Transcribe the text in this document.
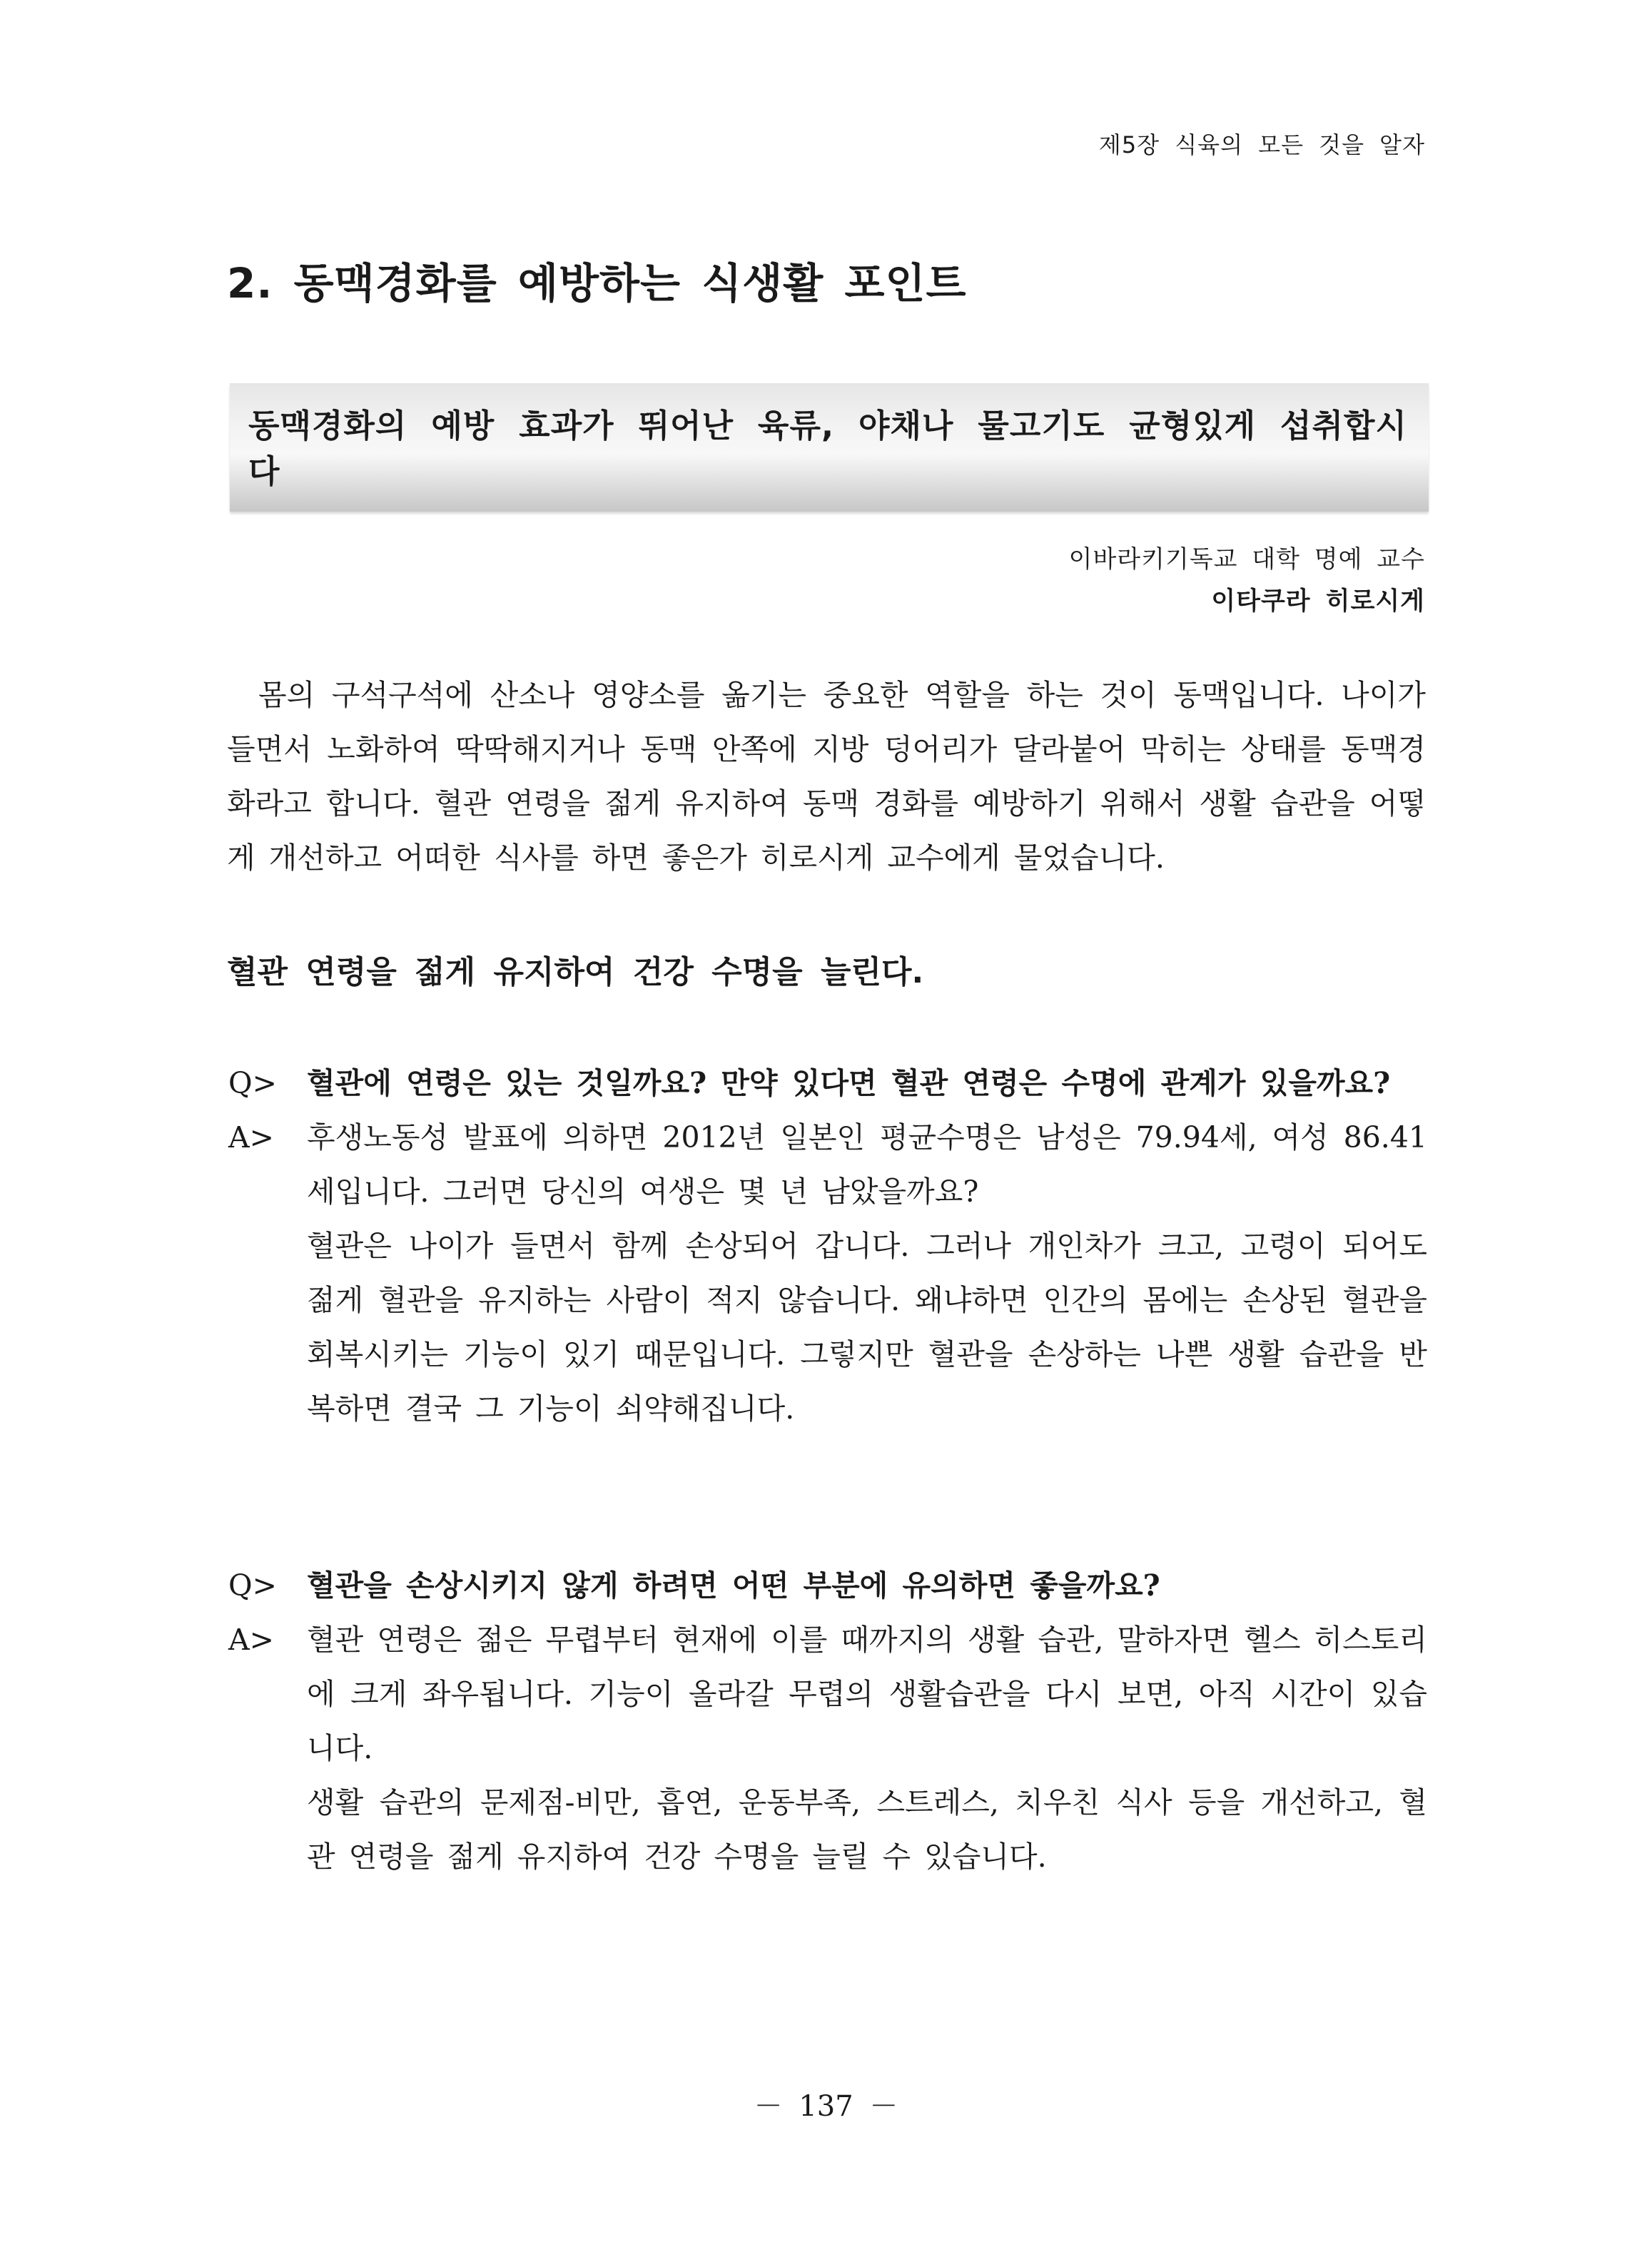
제5장 식육의 모든 것을 알자
2. 동맥경화를 예방하는 식생활 포인트
동맥경화의 예방 효과가 뛰어난 육류, 야채나 물고기도 균형있게 섭취합시다
이바라키기독교 대학 명예 교수
이타쿠라 히로시게

몸의 구석구석에 산소나 영양소를 옮기는 중요한 역할을 하는 것이 동맥입니다. 나이가 들면서 노화하여 딱딱해지거나 동맥 안쪽에 지방 덩어리가 달라붙어 막히는 상태를 동맥경화라고 합니다. 혈관 연령을 젊게 유지하여 동맥 경화를 예방하기 위해서 생활 습관을 어떻게 개선하고 어떠한 식사를 하면 좋은가 히로시게 교수에게 물었습니다.

혈관 연령을 젊게 유지하여 건강 수명을 늘린다.
Q>	혈관에 연령은 있는 것일까요? 만약 있다면 혈관 연령은 수명에 관계가 있을까요?
A>	후생노동성 발표에 의하면 2012년 일본인 평균수명은 남성은 79.94세, 여성 86.41세입니다. 그러면 당신의 여생은 몇 년 남았을까요?

혈관은 나이가 들면서 함께 손상되어 갑니다. 그러나 개인차가 크고, 고령이 되어도 젊게 혈관을 유지하는 사람이 적지 않습니다. 왜냐하면 인간의 몸에는 손상된 혈관을 회복시키는 기능이 있기 때문입니다. 그렇지만 혈관을 손상하는 나쁜 생활 습관을 반복하면 결국 그 기능이 쇠약해집니다.

Q>	혈관을 손상시키지 않게 하려면 어떤 부분에 유의하면 좋을까요?
A>	혈관 연령은 젊은 무렵부터 현재에 이를 때까지의 생활 습관, 말하자면 헬스 히스토리에 크게 좌우됩니다. 기능이 올라갈 무렵의 생활습관을 다시 보면, 아직 시간이 있습니다.

생활 습관의 문제점-비만, 흡연, 운동부족, 스트레스, 치우친 식사 등을 개선하고, 혈관 연령을 젊게 유지하여 건강 수명을 늘릴 수 있습니다.

－ 137 －
